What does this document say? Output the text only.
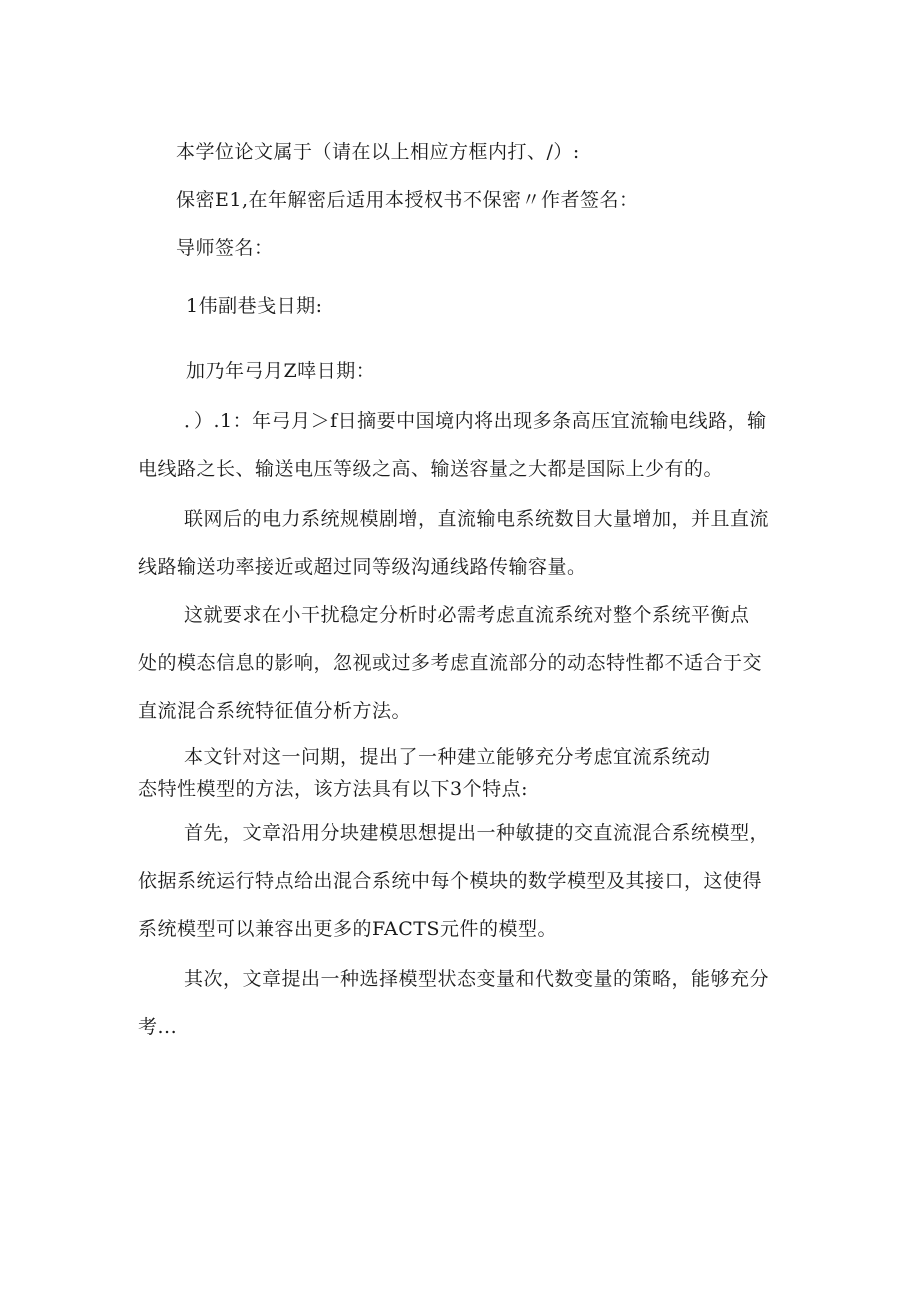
本学位论文属于（请在以上相应方框内打、/）:
保密E1,在年解密后适用本授权书不保密〃作者签名：
导师签名：
1伟副巷戋日期:
加乃年弓月Z啈日期：
．）.1：年弓月＞f日摘要中国境内将出现多条高压宜流输电线路，输
电线路之长、输送电压等级之高、输送容量之大都是国际上少有的。
联网后的电力系统规模剧增，直流输电系统数目大量增加，并且直流
线路输送功率接近或超过同等级沟通线路传输容量。
这就要求在小干扰稳定分析时必需考虑直流系统对整个系统平衡点
处的模态信息的影响，忽视或过多考虑直流部分的动态特性都不适合于交
直流混合系统特征值分析方法。
本文针对这一问期，提出了一种建立能够充分考虑宜流系统动
态特性模型的方法，该方法具有以下3个特点:
首先，文章沿用分块建模思想提出一种敏捷的交直流混合系统模型，
依据系统运行特点给出混合系统中每个模块的数学模型及其接口，这使得
系统模型可以兼容出更多的FACTS元件的模型。
其次，文章提出一种选择模型状态变量和代数变量的策略，能够充分
考...
